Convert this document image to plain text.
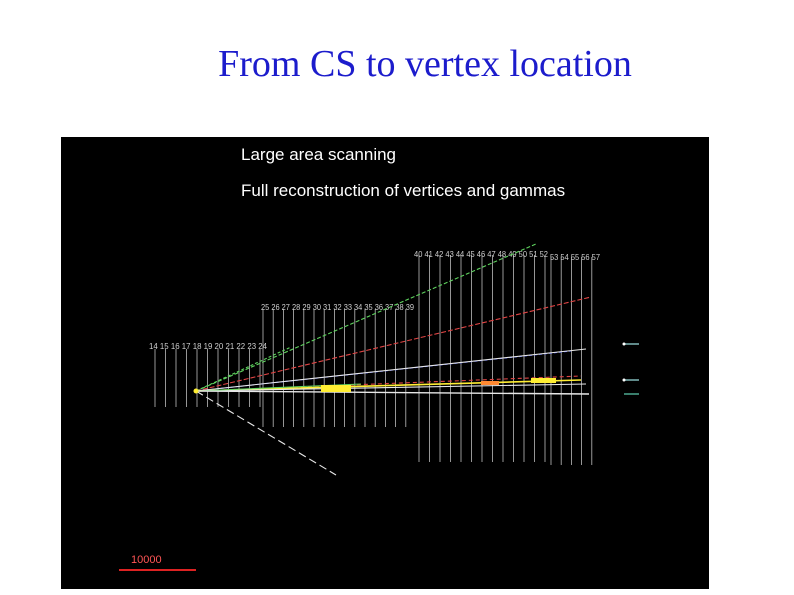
From CS to vertex location
14 15 16 17 18 19 20 21 22 23 24
25 26 27 28 29 30 31 32 33 34 35 36 37 38 39
40 41 42 43 44 45 46 47 48 49 50 51 52 53 54 55 56 57
Large area scanning
Full reconstruction of vertices and gammas
10000
